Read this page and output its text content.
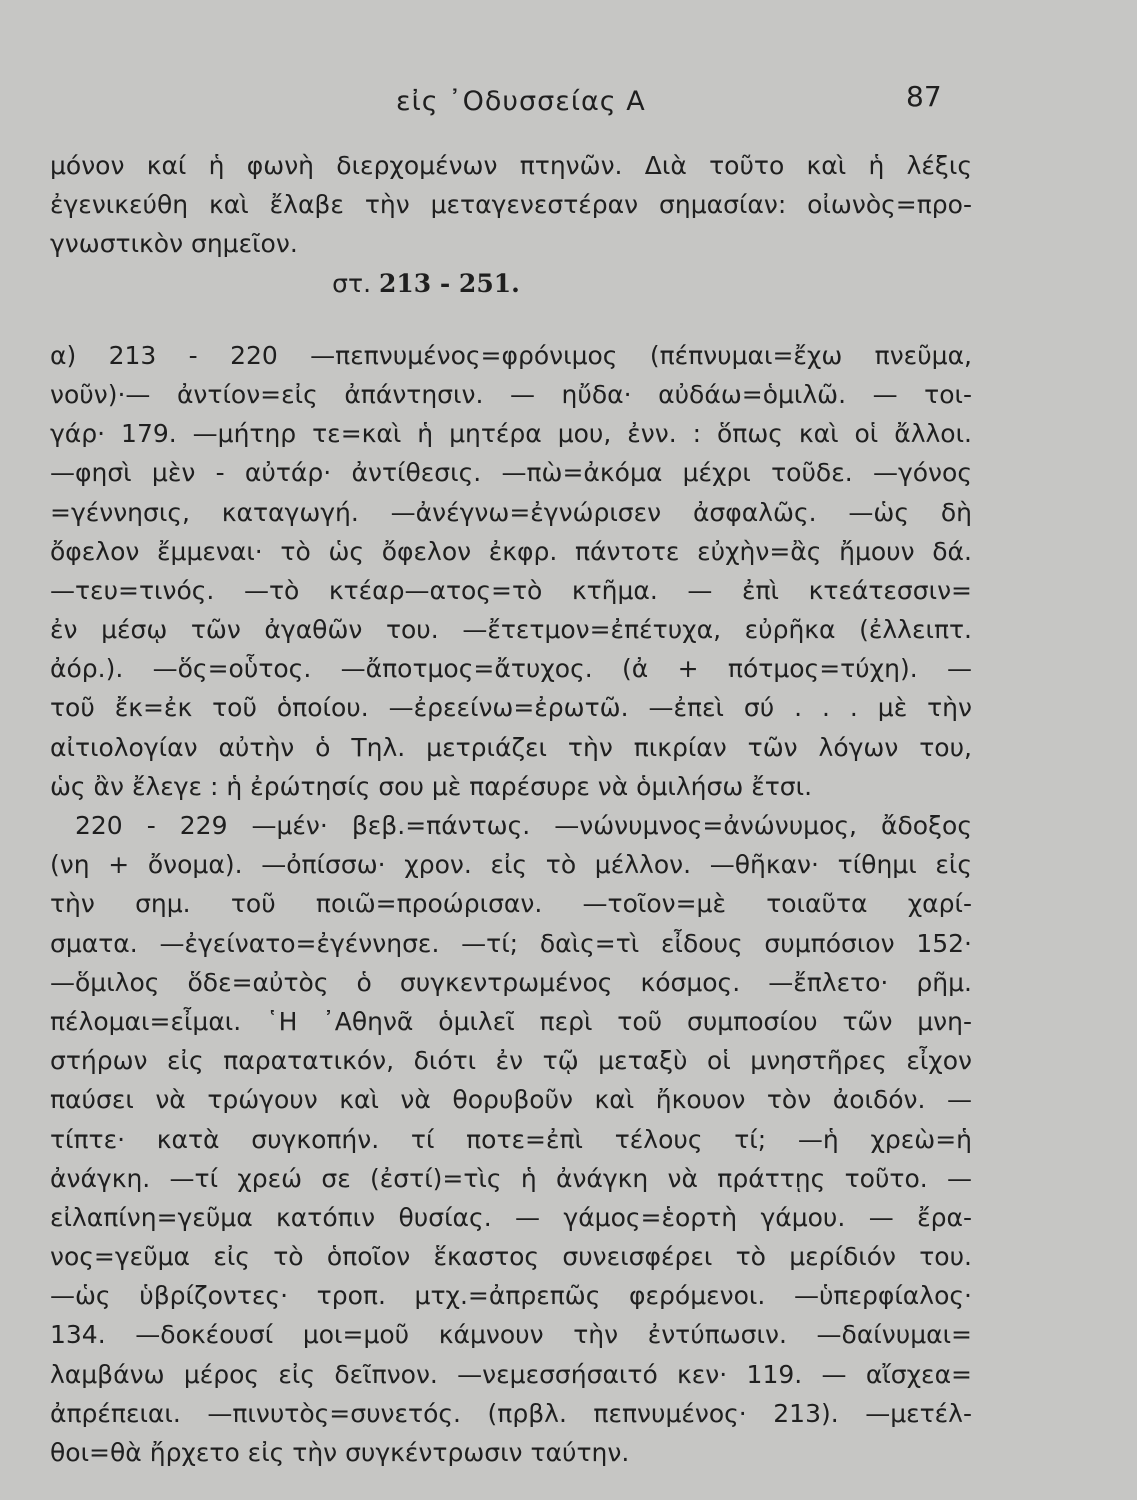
εἰς ᾿Οδυσσείας Α	87
μόνον καί ἡ φωνὴ διερχομένων πτηνῶν. Διὰ τοῦτο καὶ ἡ λέξις
ἐγενικεύθη καὶ ἔλαβε τὴν μεταγενεστέραν σημασίαν: οἰωνὸς=προ-
γνωστικὸν σημεῖον.
στ. 213 - 251.
α) 213 - 220 —πεπνυμένος=φρόνιμος (πέπνυμαι=ἔχω πνεῦμα,
νοῦν)·— ἀντίον=εἰς ἀπάντησιν. — ηὔδα· αὐδάω=ὁμιλῶ. — τοι-
γάρ· 179. —μήτηρ τε=καὶ ἡ μητέρα μου, ἐνν. : ὅπως καὶ οἱ ἄλλοι.
—φησὶ μὲν - αὐτάρ· ἀντίθεσις. —πὼ=ἀκόμα μέχρι τοῦδε. —γόνος
=γέννησις, καταγωγή. —ἀνέγνω=ἐγνώρισεν ἀσφαλῶς. —ὡς δὴ
ὄφελον ἔμμεναι· τὸ ὡς ὄφελον ἐκφρ. πάντοτε εὐχὴν=ἂς ἤμουν δά.
—τευ=τινός. —τὸ κτέαρ—ατος=τὸ κτῆμα. — ἐπὶ κτεάτεσσιν=
ἐν μέσῳ τῶν ἀγαθῶν του. —ἔτετμον=ἐπέτυχα, εὐρῆκα (ἐλλειπτ.
ἀόρ.). —ὅς=οὗτος. —ἄποτμος=ἄτυχος. (ἀ + πότμος=τύχη). —
τοῦ ἔκ=ἐκ τοῦ ὁποίου. —ἐρεείνω=ἐρωτῶ. —ἐπεὶ σύ . . . μὲ τὴν
αἰτιολογίαν αὐτὴν ὁ Τηλ. μετριάζει τὴν πικρίαν τῶν λόγων του,
ὡς ἂν ἔλεγε : ἡ ἐρώτησίς σου μὲ παρέσυρε νὰ ὁμιλήσω ἔτσι.
220 - 229 —μέν· βεβ.=πάντως. —νώνυμνος=ἀνώνυμος, ἄδοξος
(νη + ὄνομα). —ὀπίσσω· χρον. εἰς τὸ μέλλον. —θῆκαν· τίθημι εἰς
τὴν σημ. τοῦ ποιῶ=προώρισαν. —τοῖον=μὲ τοιαῦτα χαρί-
σματα. —ἐγείνατο=ἐγέννησε. —τί; δαὶς=τὶ εἶδους συμπόσιον 152·
—ὅμιλος ὅδε=αὐτὸς ὁ συγκεντρωμένος κόσμος. —ἔπλετο· ρῆμ.
πέλομαι=εἶμαι. ῾Η ᾿Αθηνᾶ ὁμιλεῖ περὶ τοῦ συμποσίου τῶν μνη-
στήρων εἰς παρατατικόν, διότι ἐν τῷ μεταξὺ οἱ μνηστῆρες εἶχον
παύσει νὰ τρώγουν καὶ νὰ θορυβοῦν καὶ ἤκουον τὸν ἀοιδόν. —
τίπτε· κατὰ συγκοπήν. τί ποτε=ἐπὶ τέλους τί; —ἡ χρεὼ=ἡ
ἀνάγκη. —τί χρεώ σε (ἐστί)=τὶς ἡ ἀνάγκη νὰ πράττῃς τοῦτο. —
εἰλαπίνη=γεῦμα κατόπιν θυσίας. — γάμος=ἑορτὴ γάμου. — ἔρα-
νος=γεῦμα εἰς τὸ ὁποῖον ἕκαστος συνεισφέρει τὸ μερίδιόν του.
—ὡς ὑβρίζοντες· τροπ. μτχ.=ἀπρεπῶς φερόμενοι. —ὑπερφίαλος·
134. —δοκέουσί μοι=μοῦ κάμνουν τὴν ἐντύπωσιν. —δαίνυμαι=
λαμβάνω μέρος εἰς δεῖπνον. —νεμεσσήσαιτό κεν· 119. — αἴσχεα=
ἀπρέπειαι. —πινυτὸς=συνετός. (πρβλ. πεπνυμένος· 213). —μετέλ-
θοι=θὰ ἤρχετο εἰς τὴν συγκέντρωσιν ταύτην.
